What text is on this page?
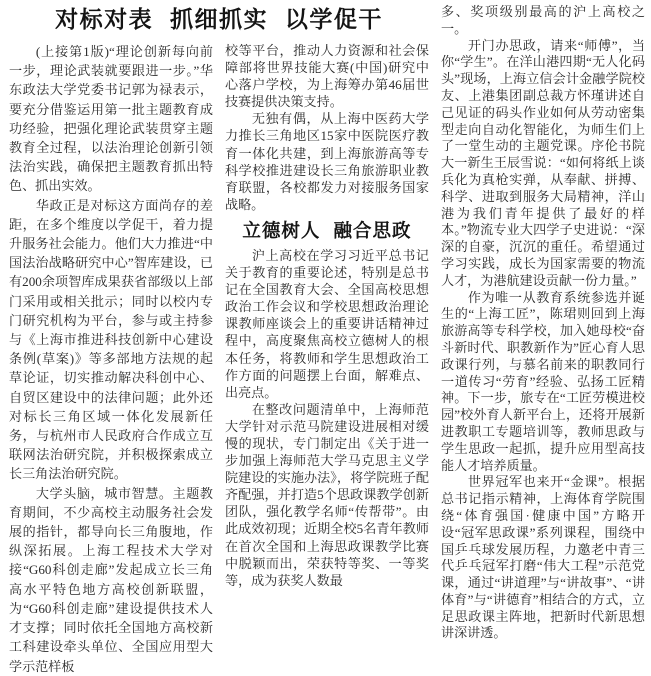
对标对表 抓细抓实 以学促干

(上接第1版)“理论创新每向前一步，理论武装就要跟进一步。”华东政法大学党委书记郭为禄表示，要充分借鉴运用第一批主题教育成功经验，把强化理论武装贯穿主题教育全过程，以法治理论创新引领法治实践，确保把主题教育抓出特色、抓出实效。

华政正是对标这方面尚存的差距，在多个维度以学促干，着力提升服务社会能力。他们大力推进“中国法治战略研究中心”智库建设，已有200余项智库成果获省部级以上部门采用或相关批示；同时以校内专门研究机构为平台，参与或主持参与《上海市推进科技创新中心建设条例(草案)》等多部地方法规的起草论证，切实推动解决科创中心、自贸区建设中的法律问题；此外还对标长三角区域一体化发展新任务，与杭州市人民政府合作成立互联网法治研究院，并积极探索成立长三角法治研究院。

大学头脑，城市智慧。主题教育期间，不少高校主动服务社会发展的指针，都导向长三角腹地，作纵深拓展。上海工程技术大学对接“G60科创走廊”发起成立长三角高水平特色地方高校创新联盟，为“G60科创走廊”建设提供技术人才支撑；同时依托全国地方高校新工科建设牵头单位、全国应用型大学示范样板

校等平台，推动人力资源和社会保障部将世界技能大赛(中国)研究中心落户学校，为上海筹办第46届世技赛提供决策支持。

无独有偶，从上海中医药大学力推长三角地区15家中医院医疗教育一体化共建，到上海旅游高等专科学校推进建设长三角旅游职业教育联盟，各校都发力对接服务国家战略。

立德树人 融合思政

沪上高校在学习习近平总书记关于教育的重要论述，特别是总书记在全国教育大会、全国高校思想政治工作会议和学校思想政治理论课教师座谈会上的重要讲话精神过程中，高度聚焦高校立德树人的根本任务，将教师和学生思想政治工作方面的问题摆上台面，解难点、出亮点。

在整改问题清单中，上海师范大学针对示范马院建设进展相对缓慢的现状，专门制定出《关于进一步加强上海师范大学马克思主义学院建设的实施办法》，将学院班子配齐配强，并打造5个思政课教学创新团队，强化教学名师“传帮带”。由此成效初现；近期全校5名青年教师在首次全国和上海思政课教学比赛中脱颖而出，荣获特等奖、一等奖等，成为获奖人数最

多、奖项级别最高的沪上高校之一。

开门办思政，请来“师傅”，当你“学生”。在洋山港四期“无人化码头”现场，上海立信会计金融学院校友、上港集团副总裁方怀瑾讲述自己见证的码头作业如何从劳动密集型走向自动化智能化，为师生们上了一堂生动的主题党课。序伦书院大一新生王辰雪说：“如何将纸上谈兵化为真枪实弹，从奉献、拼搏、科学、进取到服务大局精神，洋山港为我们青年提供了最好的样本。”物流专业大四学子史进说：“深深的自豪，沉沉的重任。希望通过学习实践，成长为国家需要的物流人才，为港航建设贡献一份力量。”

作为唯一从教育系统参选并诞生的“上海工匠”，陈珺则回到上海旅游高等专科学校，加入她母校“奋斗新时代、职教新作为”匠心育人思政课行列，与慕名前来的职教同行一道传习“劳育”经验、弘扬工匠精神。下一步，旅专在“工匠劳模进校园”校外育人新平台上，还将开展新进教职工专题培训等，教师思政与学生思政一起抓，提升应用型高技能人才培养质量。

世界冠军也来开“金课”。根据总书记指示精神，上海体育学院围绕“体育强国·健康中国”方略开设“冠军思政课”系列课程，围绕中国乒乓球发展历程，力邀老中青三代乒乓冠军打磨“伟大工程”示范党课，通过“讲道理”与“讲故事”、“讲体育”与“讲德育”相结合的方式，立足思政课主阵地，把新时代新思想讲深讲透。
